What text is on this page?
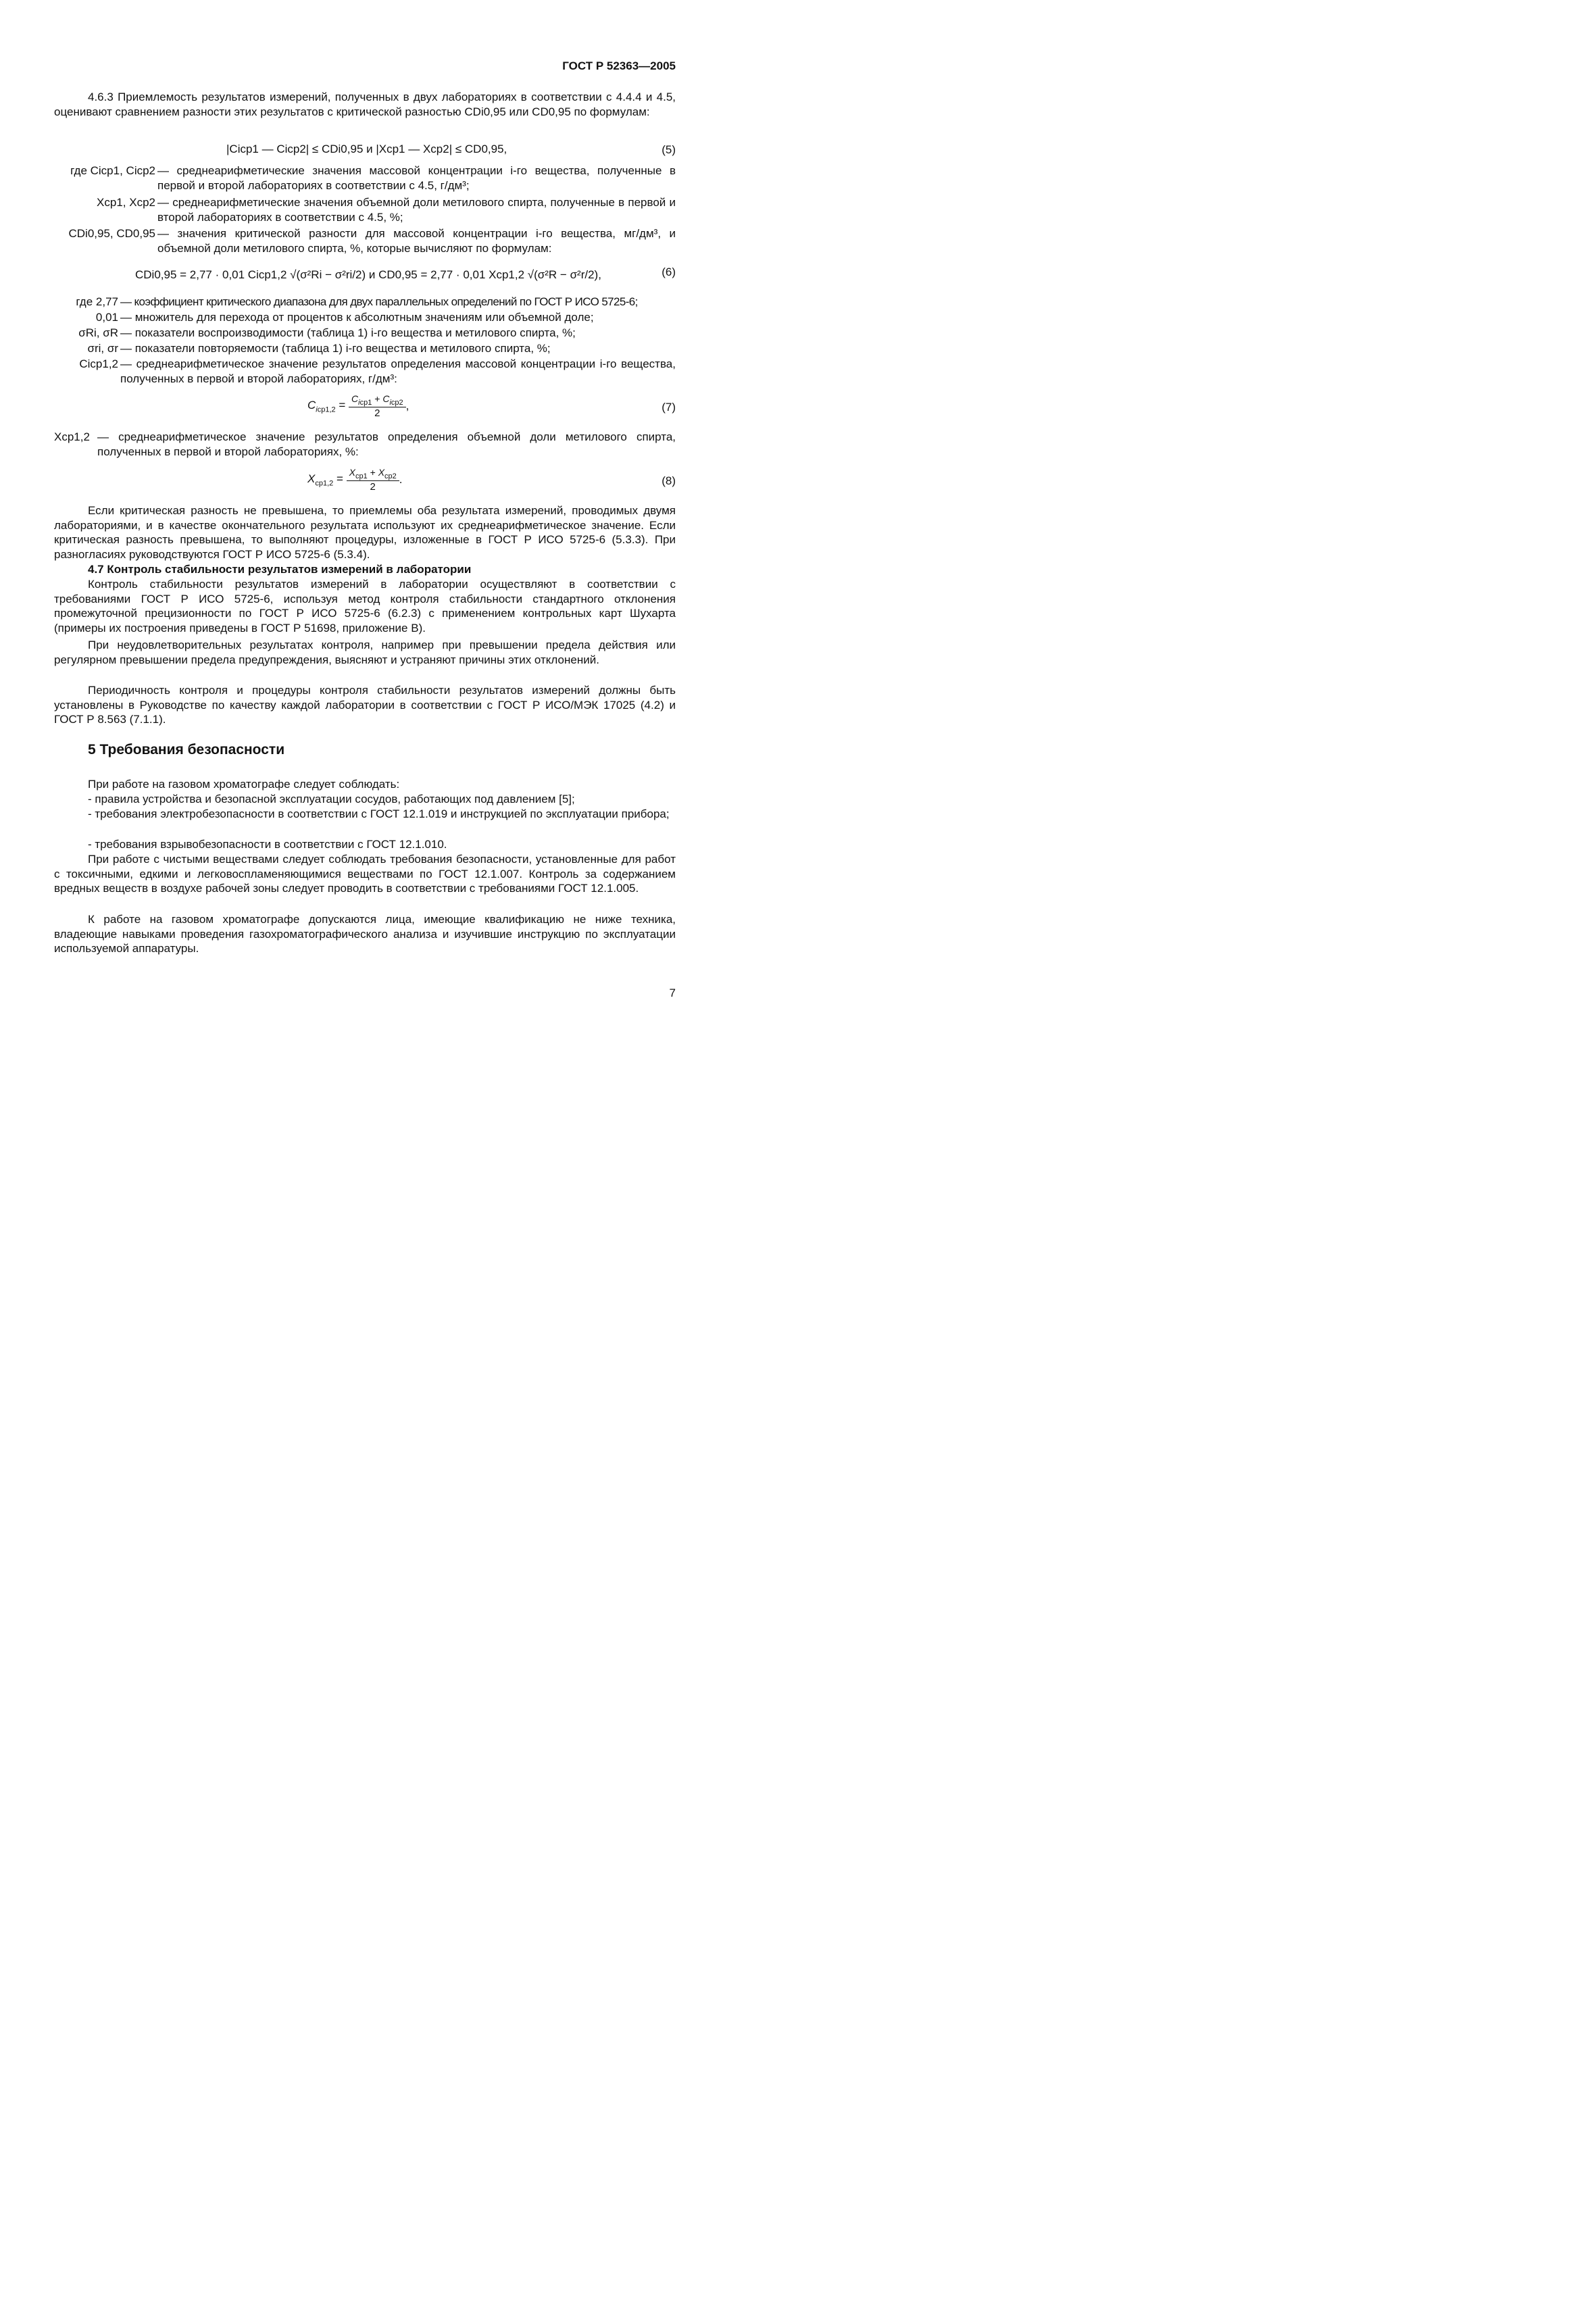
ГОСТ Р 52363—2005
4.6.3 Приемлемость результатов измерений, полученных в двух лабораториях в соответствии с 4.4.4 и 4.5, оценивают сравнением разности этих результатов с критической разностью CDi0,95 или CD0,95 по формулам:
|Cicp1 — Cicp2| ≤ CDi0,95 и |Xcp1 — Xcp2| ≤ CD0,95,	(5)
где Cicp1, Cicp2 — среднеарифметические значения массовой концентрации i-го вещества, полученные в первой и второй лабораториях в соответствии с 4.5, г/дм³;
Xcp1, Xcp2 — среднеарифметические значения объемной доли метилового спирта, полученные в первой и второй лабораториях в соответствии с 4.5, %;
CDi0,95, CD0,95 — значения критической разности для массовой концентрации i-го вещества, мг/дм³, и объемной доли метилового спирта, %, которые вычисляют по формулам:
CDi0,95 = 2,77 · 0,01 Cicp1,2 √(σ²Ri − σ²ri/2) и CD0,95 = 2,77 · 0,01 Xcp1,2 √(σ²R − σ²r/2),	(6)
где 2,77 — коэффициент критического диапазона для двух параллельных определений по ГОСТ Р ИСО 5725-6;
0,01 — множитель для перехода от процентов к абсолютным значениям или объемной доле;
σRi, σR — показатели воспроизводимости (таблица 1) i-го вещества и метилового спирта, %;
σri, σr — показатели повторяемости (таблица 1) i-го вещества и метилового спирта, %;
Cicp1,2 — среднеарифметическое значение результатов определения массовой концентрации i-го вещества, полученных в первой и второй лабораториях, г/дм³:
$C_{iср1,2} = \frac{C_{iср1} + C_{iср2}}{2}$ ,	(7)
Xcp1,2 — среднеарифметическое значение результатов определения объемной доли метилового спирта, полученных в первой и второй лабораториях, %:
$X_{ср1,2} = \frac{X_{ср1} + X_{ср2}}{2}$ .	(8)
Если критическая разность не превышена, то приемлемы оба результата измерений, проводимых двумя лабораториями, и в качестве окончательного результата используют их среднеарифметическое значение. Если критическая разность превышена, то выполняют процедуры, изложенные в ГОСТ Р ИСО 5725-6 (5.3.3). При разногласиях руководствуются ГОСТ Р ИСО 5725-6 (5.3.4).
4.7 Контроль стабильности результатов измерений в лаборатории
Контроль стабильности результатов измерений в лаборатории осуществляют в соответствии с требованиями ГОСТ Р ИСО 5725-6, используя метод контроля стабильности стандартного отклонения промежуточной прецизионности по ГОСТ Р ИСО 5725-6 (6.2.3) с применением контрольных карт Шухарта (примеры их построения приведены в ГОСТ Р 51698, приложение В).
При неудовлетворительных результатах контроля, например при превышении предела действия или регулярном превышении предела предупреждения, выясняют и устраняют причины этих отклонений.
Периодичность контроля и процедуры контроля стабильности результатов измерений должны быть установлены в Руководстве по качеству каждой лаборатории в соответствии с ГОСТ Р ИСО/МЭК 17025 (4.2) и ГОСТ Р 8.563 (7.1.1).
5 Требования безопасности
При работе на газовом хроматографе следует соблюдать:
- правила устройства и безопасной эксплуатации сосудов, работающих под давлением [5];
- требования электробезопасности в соответствии с ГОСТ 12.1.019 и инструкцией по эксплуатации прибора;
- требования взрывобезопасности в соответствии с ГОСТ 12.1.010.
При работе с чистыми веществами следует соблюдать требования безопасности, установленные для работ с токсичными, едкими и легковоспламеняющимися веществами по ГОСТ 12.1.007. Контроль за содержанием вредных веществ в воздухе рабочей зоны следует проводить в соответствии с требованиями ГОСТ 12.1.005.
К работе на газовом хроматографе допускаются лица, имеющие квалификацию не ниже техника, владеющие навыками проведения газохроматографического анализа и изучившие инструкцию по эксплуатации используемой аппаратуры.
7
